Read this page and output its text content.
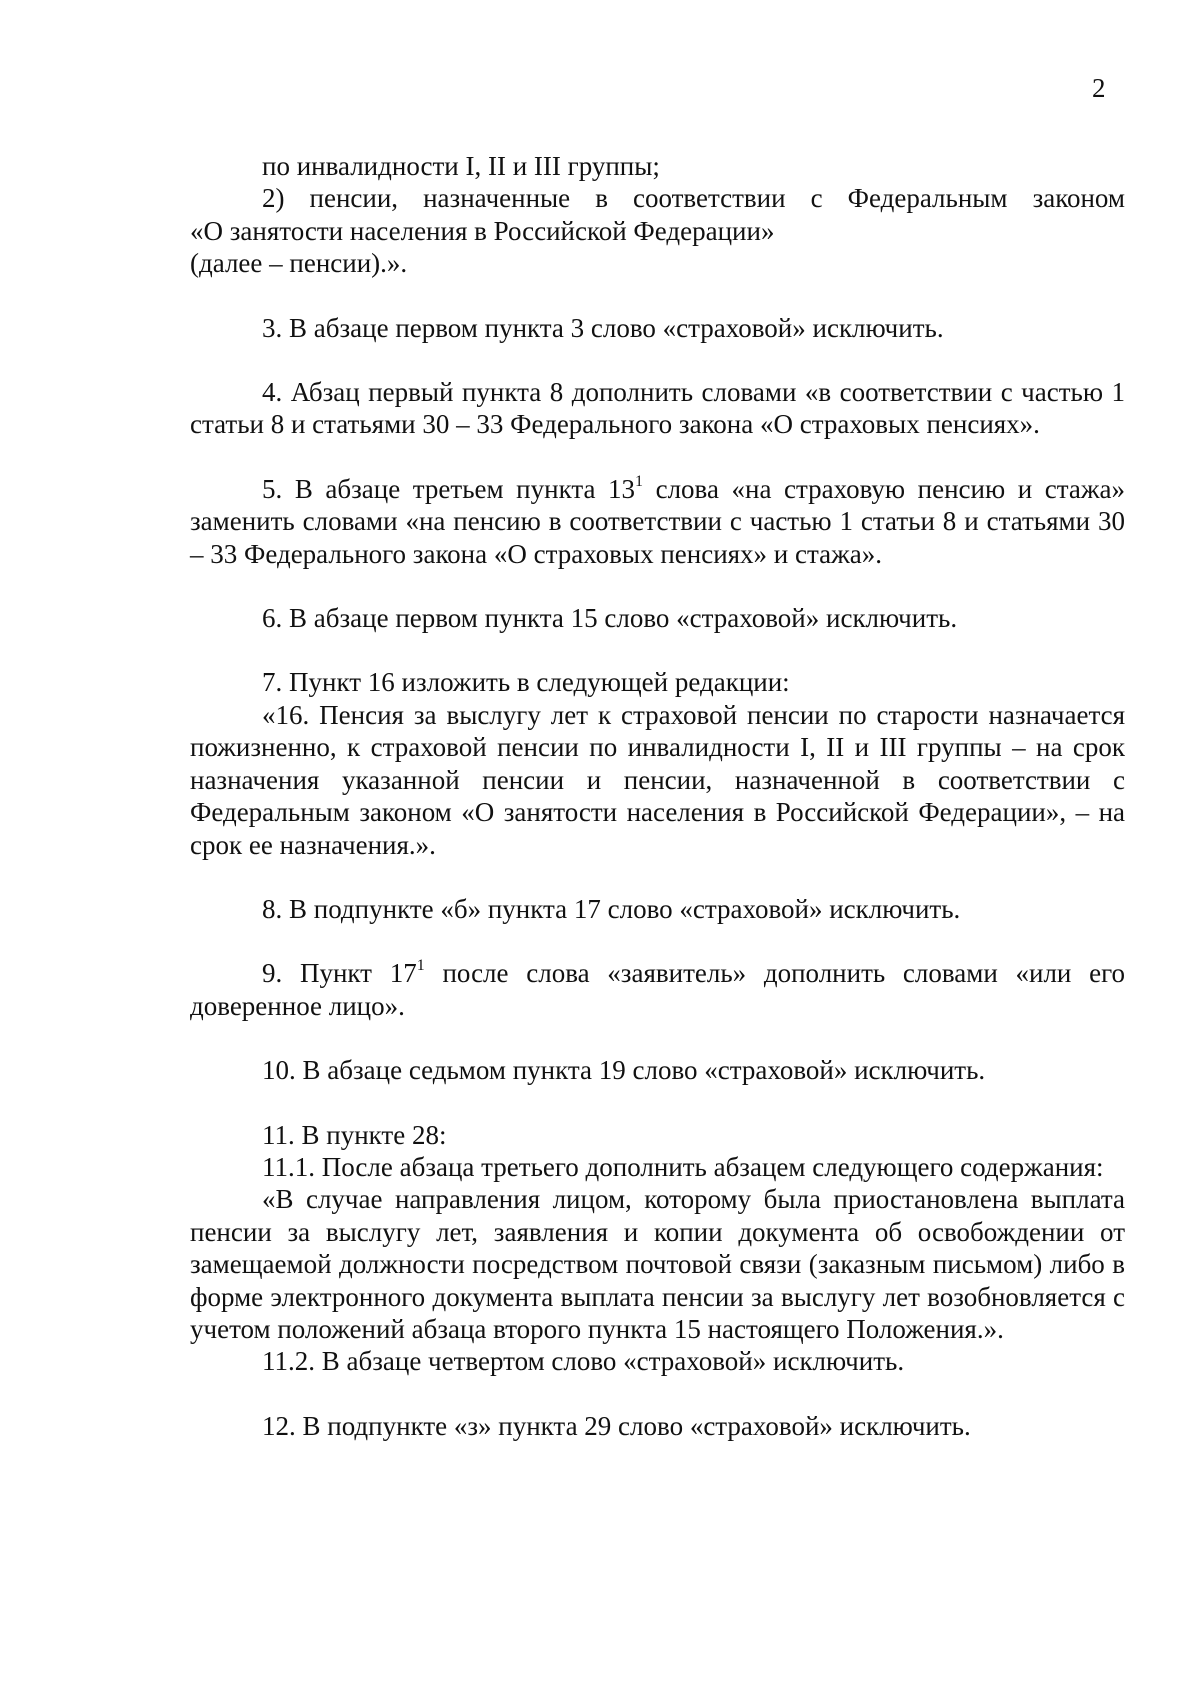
2

по инвалидности I, II и III группы;

2) пенсии, назначенные в соответствии с Федеральным законом

«О занятости населения в Российской Федерации»

(далее – пенсии).».

3. В абзаце первом пункта 3 слово «страховой» исключить.

4. Абзац первый пункта 8 дополнить словами «в соответствии с частью 1 статьи 8 и статьями 30 – 33 Федерального закона «О страховых пенсиях».

5. В абзаце третьем пункта $13^1$ слова «на страховую пенсию и стажа» заменить словами «на пенсию в соответствии с частью 1 статьи 8 и статьями 30 – 33 Федерального закона «О страховых пенсиях» и стажа».

6. В абзаце первом пункта 15 слово «страховой» исключить.

7. Пункт 16 изложить в следующей редакции:

«16. Пенсия за выслугу лет к страховой пенсии по старости назначается пожизненно, к страховой пенсии по инвалидности I, II и III группы – на срок назначения указанной пенсии и пенсии, назначенной в соответствии с Федеральным законом «О занятости населения в Российской Федерации», – на срок ее назначения.».

8. В подпункте «б» пункта 17 слово «страховой» исключить.

9. Пункт $17^1$ после слова «заявитель» дополнить словами «или его доверенное лицо».

10. В абзаце седьмом пункта 19 слово «страховой» исключить.

11. В пункте 28:

11.1. После абзаца третьего дополнить абзацем следующего содержания:

«В случае направления лицом, которому была приостановлена выплата пенсии за выслугу лет, заявления и копии документа об освобождении от замещаемой должности посредством почтовой связи (заказным письмом) либо в форме электронного документа выплата пенсии за выслугу лет возобновляется с учетом положений абзаца второго пункта 15 настоящего Положения.».

11.2. В абзаце четвертом слово «страховой» исключить.

12. В подпункте «з» пункта 29 слово «страховой» исключить.
